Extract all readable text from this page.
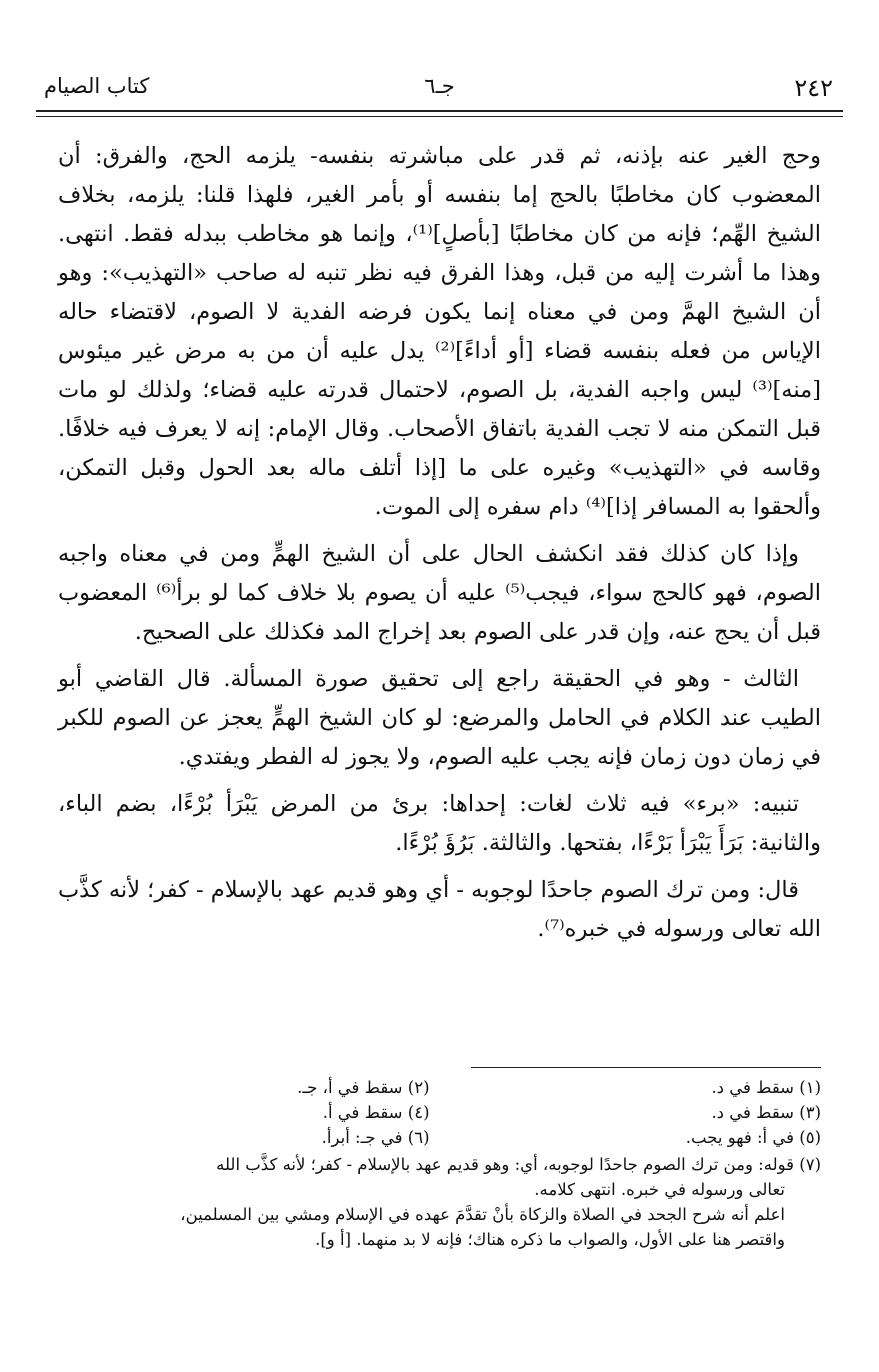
٢٤٢
جـ٦
كتاب الصيام

وحج الغير عنه بإذنه، ثم قدر على مباشرته بنفسه- يلزمه الحج، والفرق: أن المعضوب كان مخاطبًا بالحج إما بنفسه أو بأمر الغير، فلهذا قلنا: يلزمه، بخلاف الشيخ الهِّم؛ فإنه من كان مخاطبًا [بأصلٍ]⁽¹⁾، وإنما هو مخاطب ببدله فقط. انتهى. وهذا ما أشرت إليه من قبل، وهذا الفرق فيه نظر تنبه له صاحب «التهذيب»: وهو أن الشيخ الهمَّ ومن في معناه إنما يكون فرضه الفدية لا الصوم، لاقتضاء حاله الإياس من فعله بنفسه قضاء [أو أداءً]⁽²⁾ يدل عليه أن من به مرض غير ميئوس [منه]⁽³⁾ ليس واجبه الفدية، بل الصوم، لاحتمال قدرته عليه قضاء؛ ولذلك لو مات قبل التمكن منه لا تجب الفدية باتفاق الأصحاب. وقال الإمام: إنه لا يعرف فيه خلافًا. وقاسه في «التهذيب» وغيره على ما [إذا أتلف ماله بعد الحول وقبل التمكن، وألحقوا به المسافر إذا]⁽⁴⁾ دام سفره إلى الموت.

وإذا كان كذلك فقد انكشف الحال على أن الشيخ الهمٍّ ومن في معناه واجبه الصوم، فهو كالحج سواء، فيجب⁽⁵⁾ عليه أن يصوم بلا خلاف كما لو برأ⁽⁶⁾ المعضوب قبل أن يحج عنه، وإن قدر على الصوم بعد إخراج المد فكذلك على الصحيح.

الثالث - وهو في الحقيقة راجع إلى تحقيق صورة المسألة. قال القاضي أبو الطيب عند الكلام في الحامل والمرضع: لو كان الشيخ الهمٍّ يعجز عن الصوم للكبر في زمان دون زمان فإنه يجب عليه الصوم، ولا يجوز له الفطر ويفتدي.

تنبيه: «برء» فيه ثلاث لغات: إحداها: برئ من المرض يَبْرَأ بُرْءًا، بضم الباء، والثانية: بَرَأَ يَبْرَأ بَرْءًا، بفتحها. والثالثة. بَرُؤَ بُرْءًا.

قال: ومن ترك الصوم جاحدًا لوجوبه - أي وهو قديم عهد بالإسلام - كفر؛ لأنه كذَّب الله تعالى ورسوله في خبره⁽⁷⁾.

(١) سقط في د.
(٢) سقط في أ، جـ.
(٣) سقط في د.
(٤) سقط في أ.
(٥) في أ: فهو يجب.
(٦) في جـ: أبرأ.
(٧) قوله: ومن ترك الصوم جاحدًا لوجوبه، أي: وهو قديم عهد بالإسلام - كفر؛ لأنه كذَّب الله
تعالى ورسوله في خبره. انتهى كلامه.
اعلم أنه شرح الجحد في الصلاة والزكاة بأنْ تقدَّمَ عهده في الإسلام ومشي بين المسلمين،
واقتصر هنا على الأول، والصواب ما ذكره هناك؛ فإنه لا بد منهما. [أ و].
